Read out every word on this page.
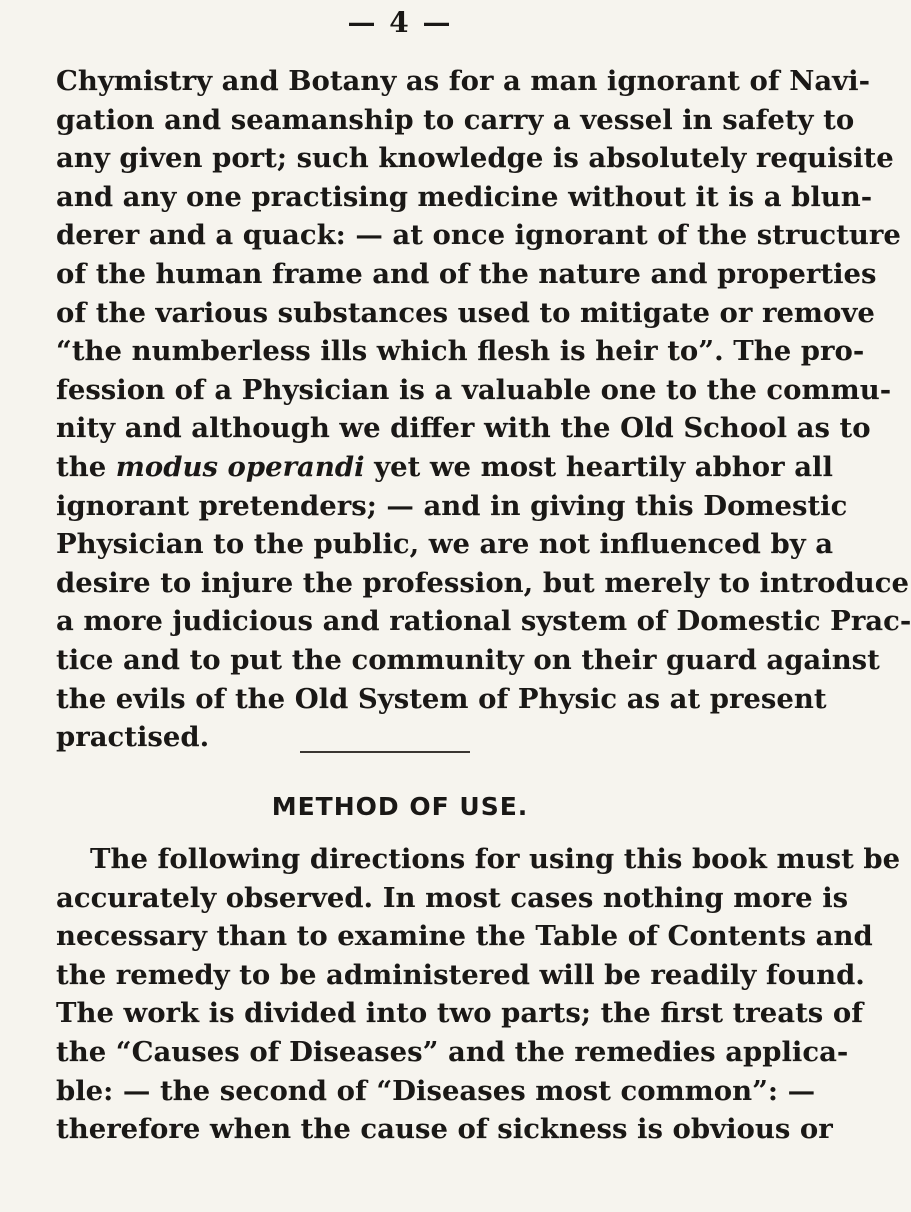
— 4 —
Chymistry and Botany as for a man ignorant of Navi-
gation and seamanship to carry a vessel in safety to
any given port; such knowledge is absolutely requisite
and any one practising medicine without it is a blun-
derer and a quack: — at once ignorant of the structure
of the human frame and of the nature and properties
of the various substances used to mitigate or remove
“the numberless ills which flesh is heir to”. The pro-
fession of a Physician is a valuable one to the commu-
nity and although we differ with the Old School as to
the modus operandi yet we most heartily abhor all
ignorant pretenders; — and in giving this Domestic
Physician to the public, we are not influenced by a
desire to injure the profession, but merely to introduce
a more judicious and rational system of Domestic Prac-
tice and to put the community on their guard against
the evils of the Old System of Physic as at present
practised.
METHOD OF USE.
The following directions for using this book must be
accurately observed. In most cases nothing more is
necessary than to examine the Table of Contents and
the remedy to be administered will be readily found.
The work is divided into two parts; the first treats of
the “Causes of Diseases” and the remedies applica-
ble: — the second of “Diseases most common”: —
therefore when the cause of sickness is obvious or
